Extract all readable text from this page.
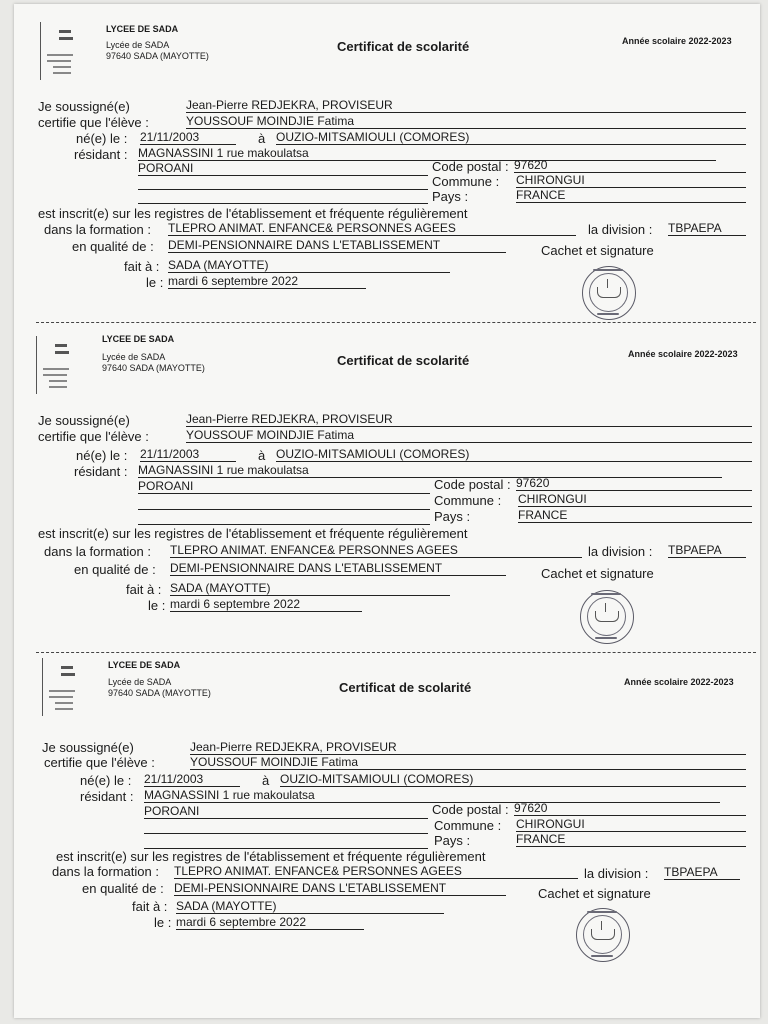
LYCEE DE SADA
Lycée de SADA
97640 SADA (MAYOTTE)
Certificat de scolarité	Année scolaire 2022-2023
Je soussigné(e)	Jean-Pierre REDJEKRA, PROVISEUR
certifie que l'élève :	YOUSSOUF MOINDJIE Fatima
né(e) le : 21/11/2003	à OUZIO-MITSAMIOULI (COMORES)
résidant : MAGNASSINI 1 rue makoulatsa
POROANI	Code postal : 97620
Commune : CHIRONGUI
Pays :	FRANCE
est inscrit(e) sur les registres de l'établissement et fréquente régulièrement
dans la formation : TLEPRO ANIMAT. ENFANCE& PERSONNES AGEES	la division : TBPAEPA
en qualité de : DEMI-PENSIONNAIRE DANS L'ETABLISSEMENT	Cachet et signature
fait à : SADA (MAYOTTE)
le : mardi 6 septembre 2022
LYCEE DE SADA
Lycée de SADA
97640 SADA (MAYOTTE)	Certificat de scolarité	Année scolaire 2022-2023
Je soussigné(e)	Jean-Pierre REDJEKRA, PROVISEUR
certifie que l'élève :	YOUSSOUF MOINDJIE Fatima
né(e) le : 21/11/2003	à OUZIO-MITSAMIOULI (COMORES)
résidant : MAGNASSINI 1 rue makoulatsa
POROANI	Code postal : 97620
Commune : CHIRONGUI
Pays :	FRANCE
est inscrit(e) sur les registres de l'établissement et fréquente régulièrement
dans la formation : TLEPRO ANIMAT. ENFANCE& PERSONNES AGEES	la division : TBPAEPA
en qualité de : DEMI-PENSIONNAIRE DANS L'ETABLISSEMENT	Cachet et signature
fait à : SADA (MAYOTTE)
le : mardi 6 septembre 2022
LYCEE DE SADA
Lycée de SADA
97640 SADA (MAYOTTE)	Certificat de scolarité	Année scolaire 2022-2023
Je soussigné(e)	Jean-Pierre REDJEKRA, PROVISEUR
certifie que l'élève :	YOUSSOUF MOINDJIE Fatima
né(e) le : 21/11/2003	à OUZIO-MITSAMIOULI (COMORES)
résidant : MAGNASSINI 1 rue makoulatsa
POROANI	Code postal : 97620
Commune : CHIRONGUI
Pays :	FRANCE
est inscrit(e) sur les registres de l'établissement et fréquente régulièrement
dans la formation : TLEPRO ANIMAT. ENFANCE& PERSONNES AGEES	la division : TBPAEPA
en qualité de : DEMI-PENSIONNAIRE DANS L'ETABLISSEMENT	Cachet et signature
fait à : SADA (MAYOTTE)
le : mardi 6 septembre 2022
